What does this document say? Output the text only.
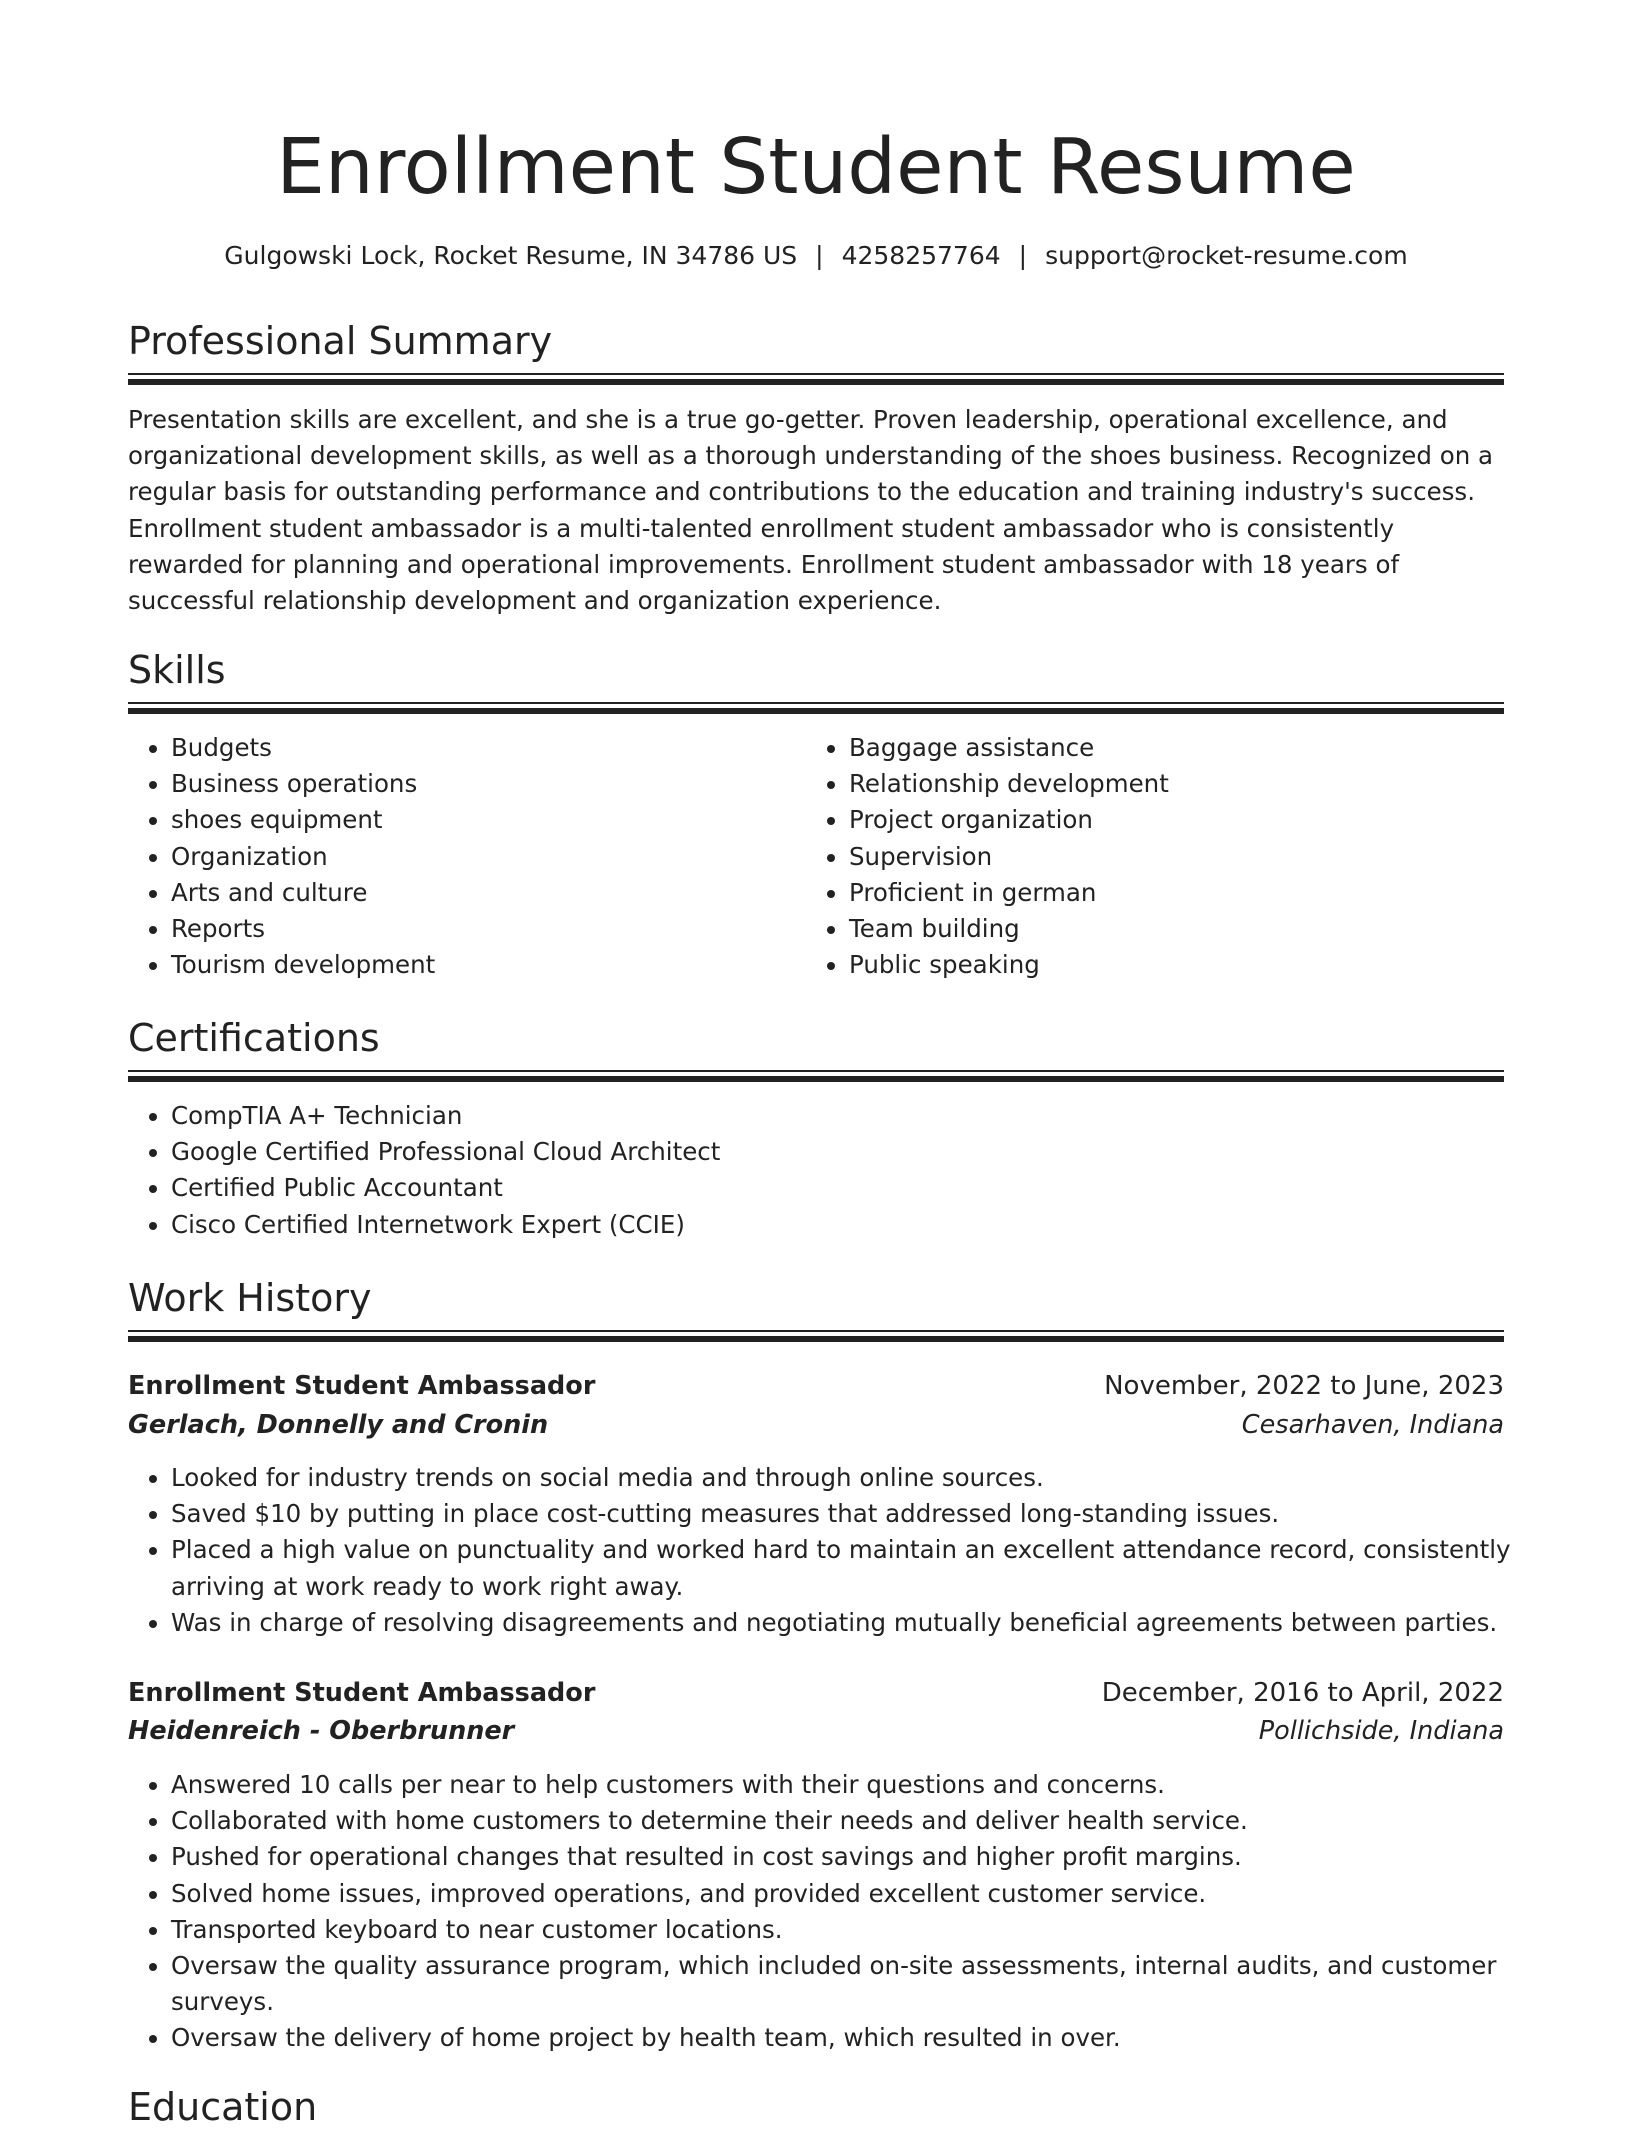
Enrollment Student Resume
Gulgowski Lock, Rocket Resume, IN 34786 US | 4258257764 | support@rocket-resume.com
Professional Summary

Presentation skills are excellent, and she is a true go-getter. Proven leadership, operational excellence, and organizational development skills, as well as a thorough understanding of the shoes business. Recognized on a regular basis for outstanding performance and contributions to the education and training industry's success. Enrollment student ambassador is a multi-talented enrollment student ambassador who is consistently rewarded for planning and operational improvements. Enrollment student ambassador with 18 years of successful relationship development and organization experience.

Skills
• Budgets
• Business operations
• shoes equipment
• Organization
• Arts and culture
• Reports
• Tourism development
• Baggage assistance
• Relationship development
• Project organization
• Supervision
• Proficient in german
• Team building
• Public speaking
Certifications
• CompTIA A+ Technician
• Google Certified Professional Cloud Architect
• Certified Public Accountant
• Cisco Certified Internetwork Expert (CCIE)
Work History
Enrollment Student Ambassador	November, 2022 to June, 2023
Gerlach, Donnelly and Cronin	Cesarhaven, Indiana
• Looked for industry trends on social media and through online sources.
• Saved $10 by putting in place cost-cutting measures that addressed long-standing issues.
• Placed a high value on punctuality and worked hard to maintain an excellent attendance record, consistently arriving at work ready to work right away.
• Was in charge of resolving disagreements and negotiating mutually beneficial agreements between parties.
Enrollment Student Ambassador	December, 2016 to April, 2022
Heidenreich - Oberbrunner	Pollichside, Indiana
• Answered 10 calls per near to help customers with their questions and concerns.
• Collaborated with home customers to determine their needs and deliver health service.
• Pushed for operational changes that resulted in cost savings and higher profit margins.
• Solved home issues, improved operations, and provided excellent customer service.
• Transported keyboard to near customer locations.
• Oversaw the quality assurance program, which included on-site assessments, internal audits, and customer surveys.
• Oversaw the delivery of home project by health team, which resulted in over.
Education
